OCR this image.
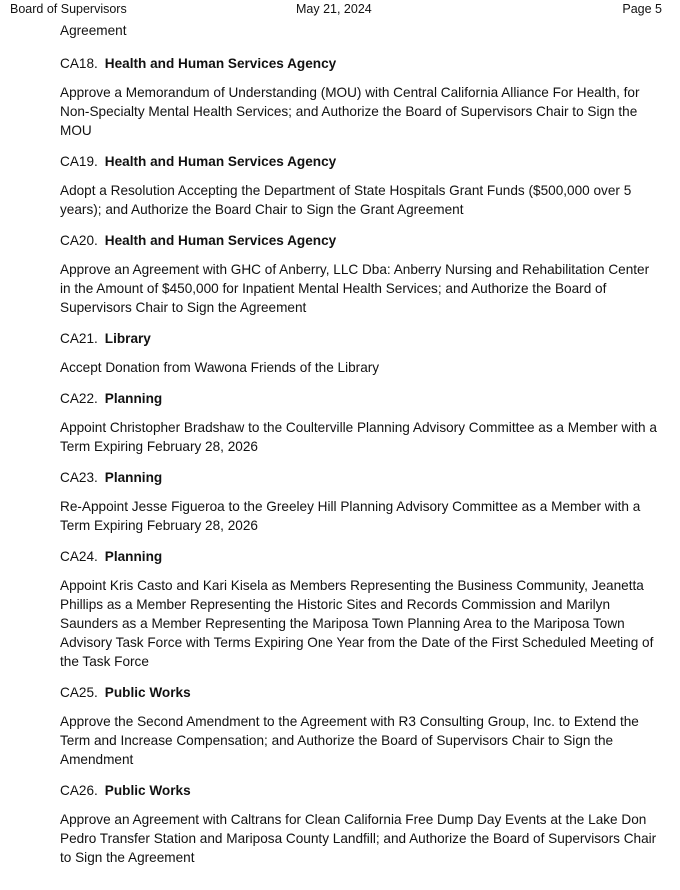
Board of Supervisors	May 21, 2024	Page 5
Agreement
CA18. Health and Human Services Agency
Approve a Memorandum of Understanding (MOU) with Central California Alliance For Health, for Non-Specialty Mental Health Services; and Authorize the Board of Supervisors Chair to Sign the MOU
CA19. Health and Human Services Agency
Adopt a Resolution Accepting the Department of State Hospitals Grant Funds ($500,000 over 5 years); and Authorize the Board Chair to Sign the Grant Agreement
CA20. Health and Human Services Agency
Approve an Agreement with GHC of Anberry, LLC Dba: Anberry Nursing and Rehabilitation Center in the Amount of $450,000 for Inpatient Mental Health Services; and Authorize the Board of Supervisors Chair to Sign the Agreement
CA21. Library
Accept Donation from Wawona Friends of the Library
CA22. Planning
Appoint Christopher Bradshaw to the Coulterville Planning Advisory Committee as a Member with a Term Expiring February 28, 2026
CA23. Planning
Re-Appoint Jesse Figueroa to the Greeley Hill Planning Advisory Committee as a Member with a Term Expiring February 28, 2026
CA24. Planning
Appoint Kris Casto and Kari Kisela as Members Representing the Business Community, Jeanetta Phillips as a Member Representing the Historic Sites and Records Commission and Marilyn Saunders as a Member Representing the Mariposa Town Planning Area to the Mariposa Town Advisory Task Force with Terms Expiring One Year from the Date of the First Scheduled Meeting of the Task Force
CA25. Public Works
Approve the Second Amendment to the Agreement with R3 Consulting Group, Inc. to Extend the Term and Increase Compensation; and Authorize the Board of Supervisors Chair to Sign the Amendment
CA26. Public Works
Approve an Agreement with Caltrans for Clean California Free Dump Day Events at the Lake Don Pedro Transfer Station and Mariposa County Landfill; and Authorize the Board of Supervisors Chair to Sign the Agreement
